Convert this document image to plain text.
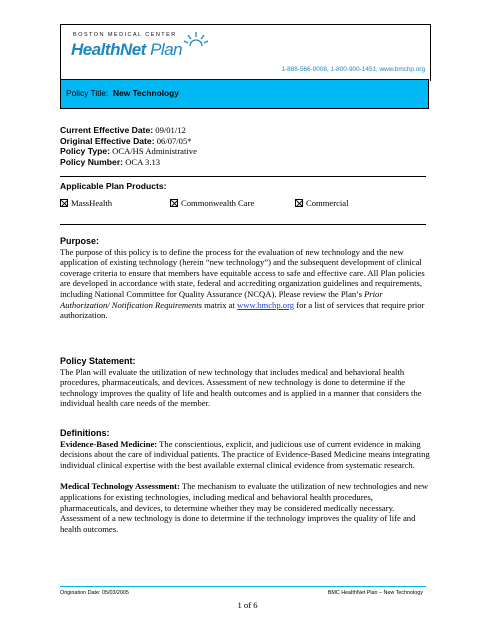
BOSTON MEDICAL CENTER
HealthNet Plan
1-888-566-0008, 1-800-900-1451, www.bmchp.org
Policy Title: New Technology
Current Effective Date: 09/01/12
Original Effective Date: 06/07/05*
Policy Type: OCA/HS Administrative
Policy Number: OCA 3.13
Applicable Plan Products:
MassHealth	Commonwealth Care	Commercial
Purpose:

The purpose of this policy is to define the process for the evaluation of new technology and the new application of existing technology (herein “new technology”) and the subsequent development of clinical coverage criteria to ensure that members have equitable access to safe and effective care. All Plan policies are developed in accordance with state, federal and accrediting organization guidelines and requirements, including National Committee for Quality Assurance (NCQA). Please review the Plan’s Prior Authorization/ Notification Requirements matrix at www.bmchp.org for a list of services that require prior authorization.

Policy Statement:

The Plan will evaluate the utilization of new technology that includes medical and behavioral health procedures, pharmaceuticals, and devices. Assessment of new technology is done to determine if the technology improves the quality of life and health outcomes and is applied in a manner that considers the individual health care needs of the member.

Definitions:

Evidence-Based Medicine: The conscientious, explicit, and judicious use of current evidence in making decisions about the care of individual patients. The practice of Evidence-Based Medicine means integrating individual clinical expertise with the best available external clinical evidence from systematic research.

Medical Technology Assessment: The mechanism to evaluate the utilization of new technologies and new applications for existing technologies, including medical and behavioral health procedures, pharmaceuticals, and devices, to determine whether they may be considered medically necessary. Assessment of a new technology is done to determine if the technology improves the quality of life and health outcomes.

Origination Date: 05/03/2005	BMC HealthNet Plan – New Technology
1 of 6
